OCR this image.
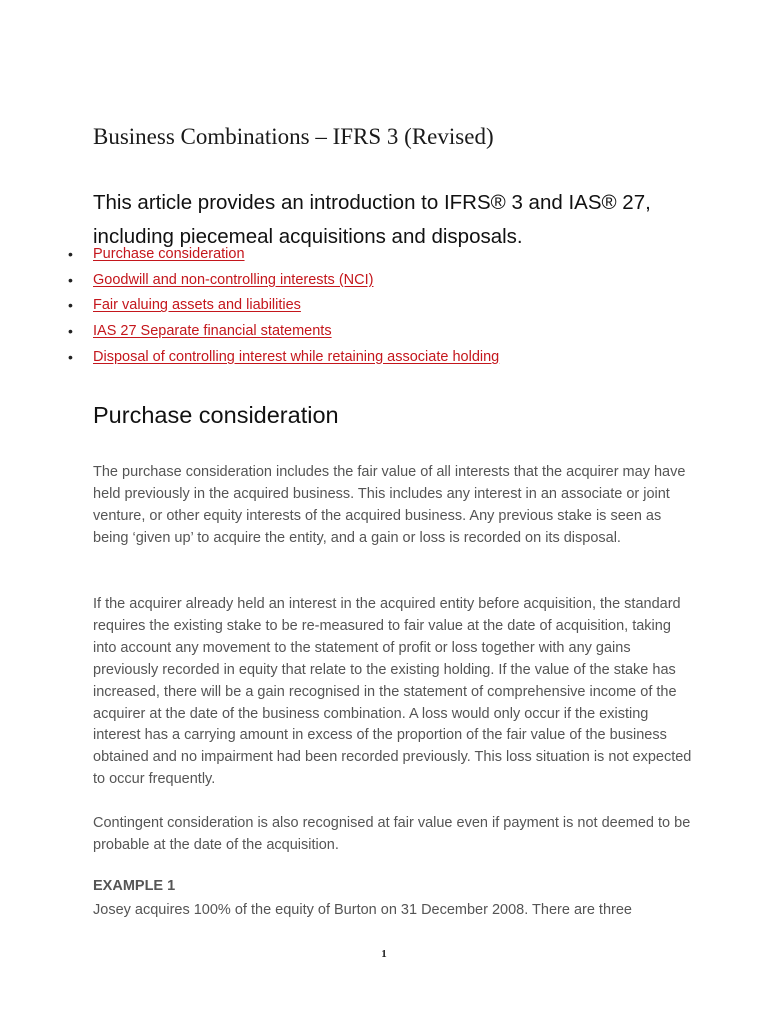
Business Combinations – IFRS 3 (Revised)

This article provides an introduction to IFRS® 3 and IAS® 27, including piecemeal acquisitions and disposals.

•	Purchase consideration
•	Goodwill and non-controlling interests (NCI)
•	Fair valuing assets and liabilities
•	IAS 27 Separate financial statements
•	Disposal of controlling interest while retaining associate holding
Purchase consideration

The purchase consideration includes the fair value of all interests that the acquirer may have held previously in the acquired business. This includes any interest in an associate or joint venture, or other equity interests of the acquired business. Any previous stake is seen as being ‘given up’ to acquire the entity, and a gain or loss is recorded on its disposal.

If the acquirer already held an interest in the acquired entity before acquisition, the standard requires the existing stake to be re-measured to fair value at the date of acquisition, taking into account any movement to the statement of profit or loss together with any gains previously recorded in equity that relate to the existing holding. If the value of the stake has increased, there will be a gain recognised in the statement of comprehensive income of the acquirer at the date of the business combination. A loss would only occur if the existing interest has a carrying amount in excess of the proportion of the fair value of the business obtained and no impairment had been recorded previously. This loss situation is not expected to occur frequently.

Contingent consideration is also recognised at fair value even if payment is not deemed to be probable at the date of the acquisition.

EXAMPLE 1

Josey acquires 100% of the equity of Burton on 31 December 2008. There are three

1
